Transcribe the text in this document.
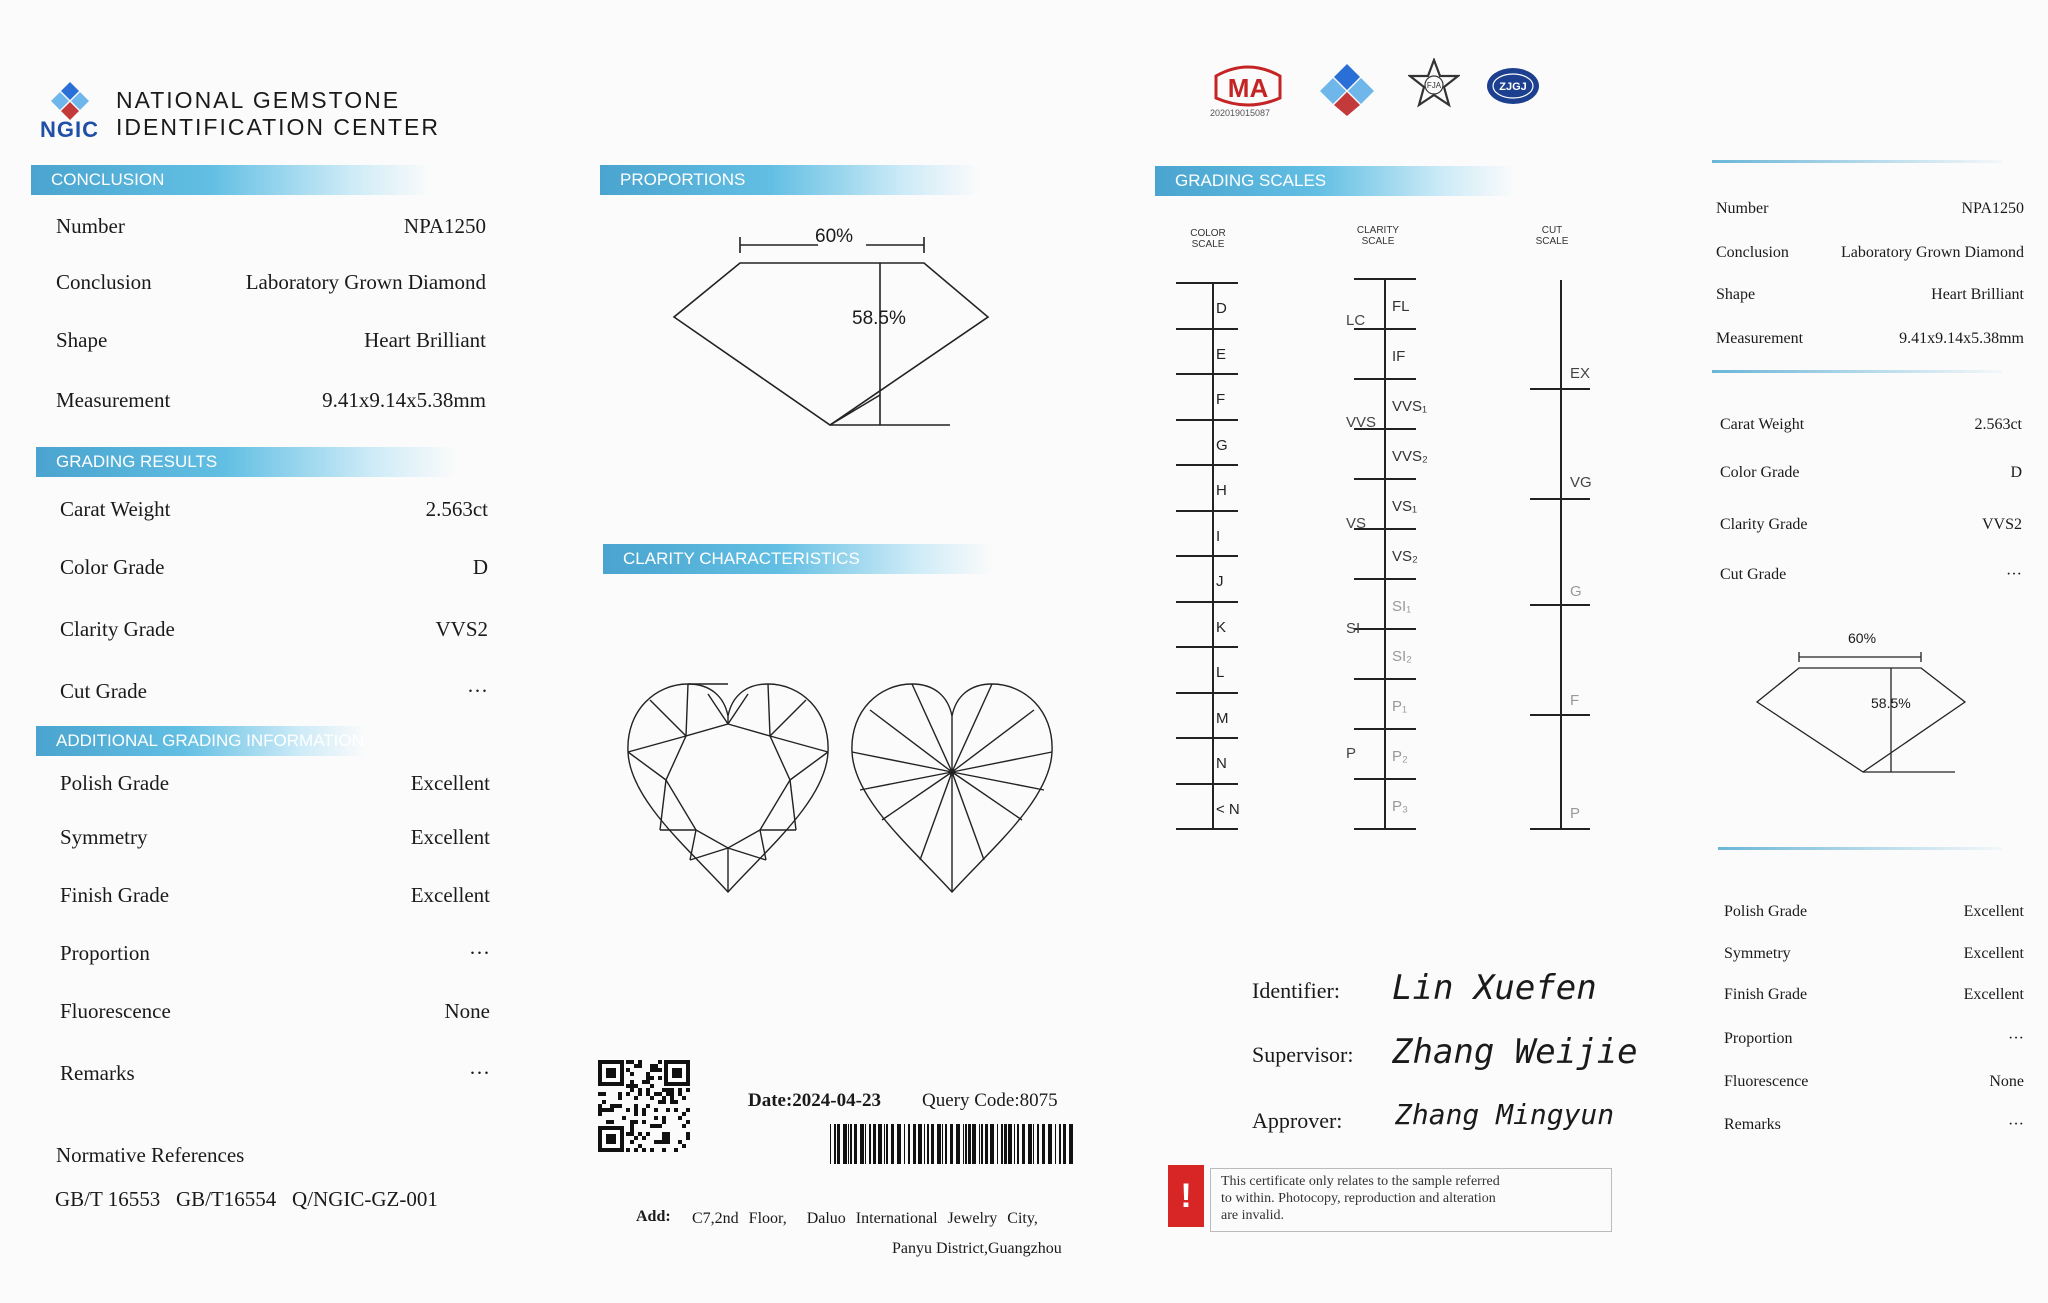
NGIC
NATIONAL GEMSTONE
IDENTIFICATION CENTER
CONCLUSION
Number	NPA1250
Conclusion	Laboratory Grown Diamond
Shape	Heart Brilliant
Measurement	9.41x9.14x5.38mm
GRADING RESULTS
Carat Weight	2.563ct
Color Grade	D
Clarity Grade	VVS2
Cut Grade	···
ADDITIONAL GRADING INFORMATION
Polish Grade	Excellent
Symmetry	Excellent
Finish Grade	Excellent
Proportion	···
Fluorescence	None
Remarks	···
Normative References
GB/T 16553   GB/T16554   Q/NGIC-GZ-001
PROPORTIONS
60%
58.5%
CLARITY CHARACTERISTICS
Date:2024-04-23 Query Code:8075
Add: C7,2nd Floor,  Daluo International Jewelry City,
Panyu District,Guangzhou
MA
202019015087
FJA	ZJGJ
GRADING SCALES
COLOR SCALE
CLARITY SCALE
CUT SCALE
D
E
F
G
H
I
J
K
L
M
N
< N
FL
IF
VVS₁
VVS₂
VS₁
VS₂
SI₁
SI₂
P₁
P₂
P₃
LC
VVS
VS
SI
P
EX
VG
G
F
P
Identifier: Lin Xuefen
Supervisor: Zhang Weijie
Approver: Zhang Mingyun
!	This certificate only relates to the sample referred
to within. Photocopy, reproduction and alteration
are invalid.
Number	NPA1250
Conclusion	Laboratory Grown Diamond
Shape	Heart Brilliant
Measurement	9.41x9.14x5.38mm
Carat Weight	2.563ct
Color Grade	D
Clarity Grade	VVS2
Cut Grade	···
60%
58.5%
Polish Grade	Excellent
Symmetry	Excellent
Finish Grade	Excellent
Proportion	···
Fluorescence	None
Remarks	···
